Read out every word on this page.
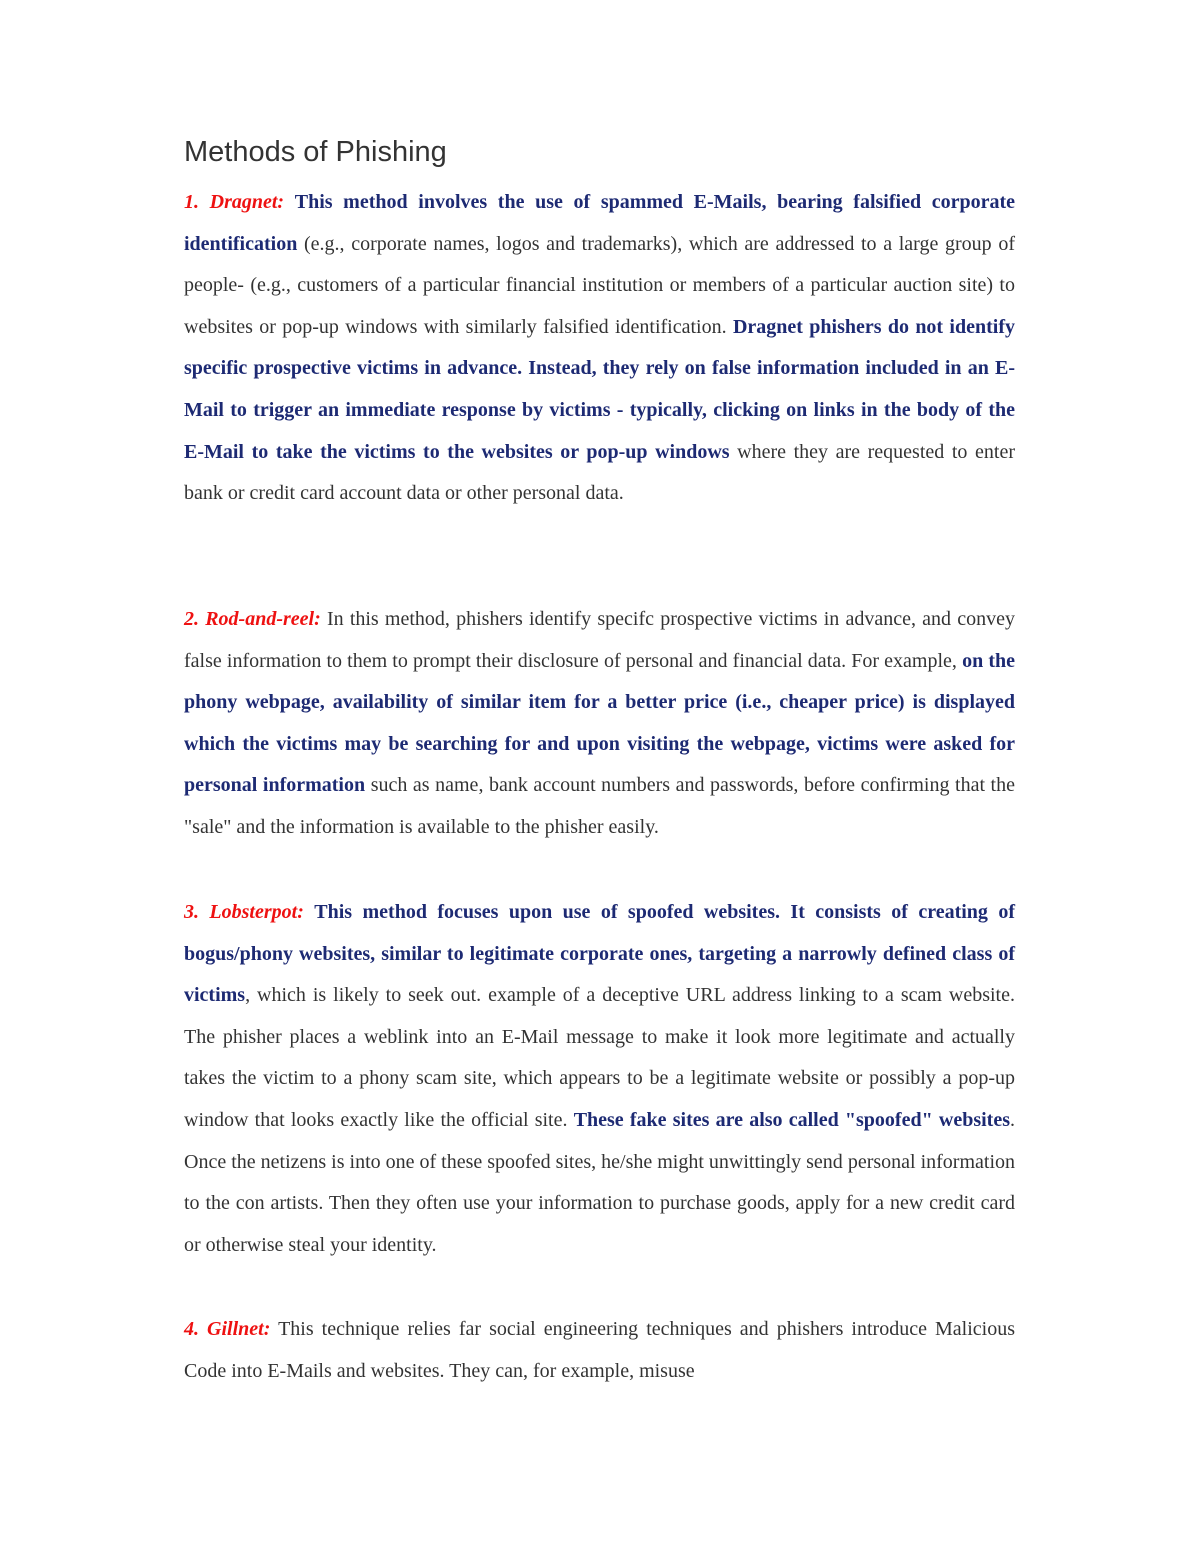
Methods of Phishing

1. Dragnet: This method involves the use of spammed E-Mails, bearing falsified corporate identification (e.g., corporate names, logos and trademarks), which are addressed to a large group of people- (e.g., customers of a particular financial institution or members of a particular auction site) to websites or pop-up windows with similarly falsified identification. Dragnet phishers do not identify specific prospective victims in advance. Instead, they rely on false information included in an E-Mail to trigger an immediate response by victims - typically, clicking on links in the body of the E-Mail to take the victims to the websites or pop-up windows where they are requested to enter bank or credit card account data or other personal data.

2. Rod-and-reel: In this method, phishers identify specifc prospective victims in advance, and convey false information to them to prompt their disclosure of personal and financial data. For example, on the phony webpage, availability of similar item for a better price (i.e., cheaper price) is displayed which the victims may be searching for and upon visiting the webpage, victims were asked for personal information such as name, bank account numbers and passwords, before confirming that the "sale" and the information is available to the phisher easily.

3. Lobsterpot: This method focuses upon use of spoofed websites. It consists of creating of bogus/phony websites, similar to legitimate corporate ones, targeting a narrowly defined class of victims, which is likely to seek out. example of a deceptive URL address linking to a scam website. The phisher places a weblink into an E-Mail message to make it look more legitimate and actually takes the victim to a phony scam site, which appears to be a legitimate website or possibly a pop-up window that looks exactly like the official site. These fake sites are also called "spoofed" websites. Once the netizens is into one of these spoofed sites, he/she might unwittingly send personal information to the con artists. Then they often use your information to purchase goods, apply for a new credit card or otherwise steal your identity.

4. Gillnet: This technique relies far social engineering techniques and phishers introduce Malicious Code into E-Mails and websites. They can, for example, misuse
